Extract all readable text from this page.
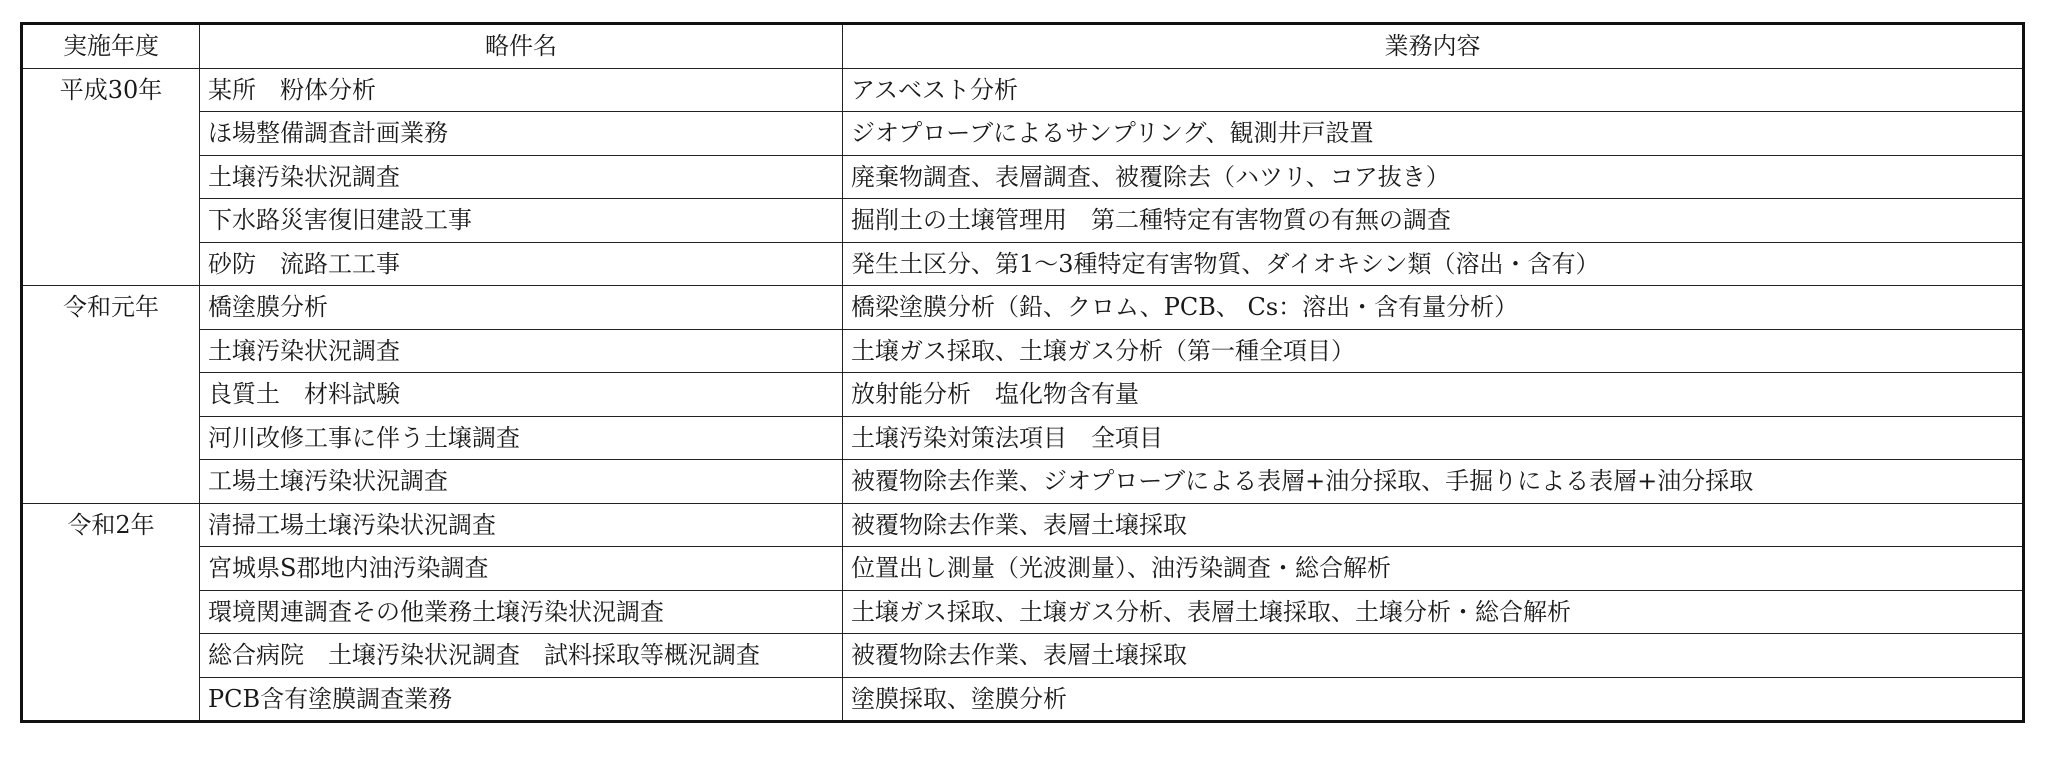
実施年度	略件名	業務内容
平成30年	某所　粉体分析	アスベスト分析
	ほ場整備調査計画業務	ジオプローブによるサンプリング、観測井戸設置
	土壌汚染状況調査	廃棄物調査、表層調査、被覆除去（ハツリ、コア抜き）
	下水路災害復旧建設工事	掘削土の土壌管理用　第二種特定有害物質の有無の調査
	砂防　流路工工事	発生土区分、第1～3種特定有害物質、ダイオキシン類（溶出・含有）
令和元年	橋塗膜分析	橋梁塗膜分析（鉛、クロム、PCB、 Cs：溶出・含有量分析）
	土壌汚染状況調査	土壌ガス採取、土壌ガス分析（第一種全項目）
	良質土　材料試験	放射能分析　塩化物含有量
	河川改修工事に伴う土壌調査	土壌汚染対策法項目　全項目
	工場土壌汚染状況調査	被覆物除去作業、ジオプローブによる表層+油分採取、手掘りによる表層+油分採取
令和2年	清掃工場土壌汚染状況調査	被覆物除去作業、表層土壌採取
	宮城県S郡地内油汚染調査	位置出し測量（光波測量）、油汚染調査・総合解析
	環境関連調査その他業務土壌汚染状況調査	土壌ガス採取、土壌ガス分析、表層土壌採取、土壌分析・総合解析
	総合病院　土壌汚染状況調査　試料採取等概況調査	被覆物除去作業、表層土壌採取
	PCB含有塗膜調査業務	塗膜採取、塗膜分析
